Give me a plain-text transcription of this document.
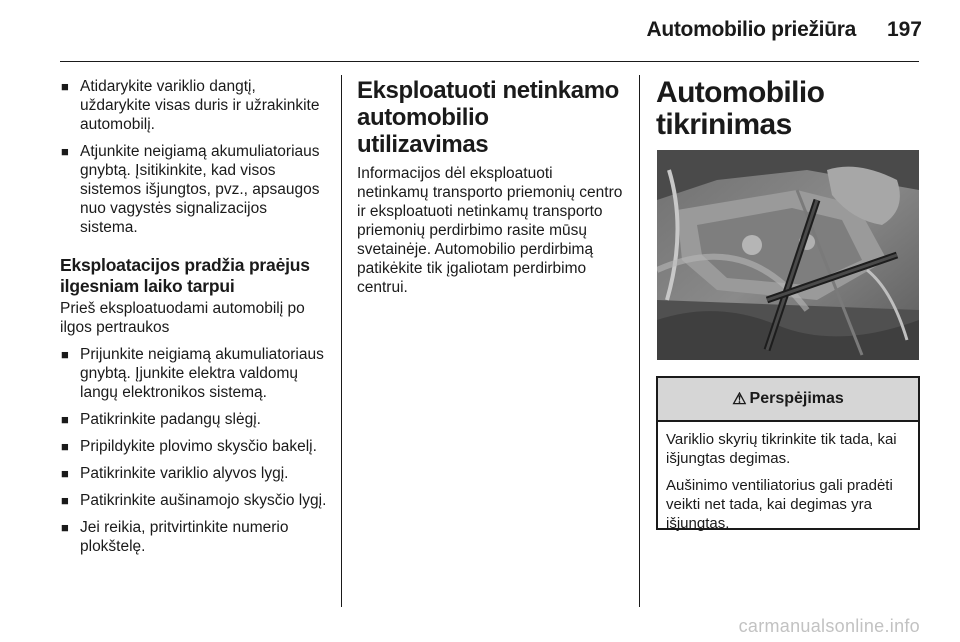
Automobilio priežiūra	197
■ Atidarykite variklio dangtį, uždarykite visas duris ir užrakinkite automobilį.
■ Atjunkite neigiamą akumuliatoriaus gnybtą. Įsitikinkite, kad visos sistemos išjungtos, pvz., apsaugos nuo vagystės signalizacijos sistema.
Eksploatacijos pradžia praėjus ilgesniam laiko tarpui

Prieš eksploatuodami automobilį po ilgos pertraukos

■ Prijunkite neigiamą akumuliatoriaus gnybtą. Įjunkite elektra valdomų langų elektronikos sistemą.
■ Patikrinkite padangų slėgį.
■ Pripildykite plovimo skysčio bakelį.
■ Patikrinkite variklio alyvos lygį.
■ Patikrinkite aušinamojo skysčio lygį.
■ Jei reikia, pritvirtinkite numerio plokštelę.
Eksploatuoti netinkamo automobilio utilizavimas

Informacijos dėl eksploatuoti netinkamų transporto priemonių centro ir eksploatuoti netinkamų transporto priemonių perdirbimo rasite mūsų svetainėje. Automobilio perdirbimą patikėkite tik įgaliotam perdirbimo centrui.

Automobilio tikrinimas
⚠ Perspėjimas

Variklio skyrių tikrinkite tik tada, kai išjungtas degimas.

Aušinimo ventiliatorius gali pradėti veikti net tada, kai degimas yra išjungtas.

carmanualsonline.info
